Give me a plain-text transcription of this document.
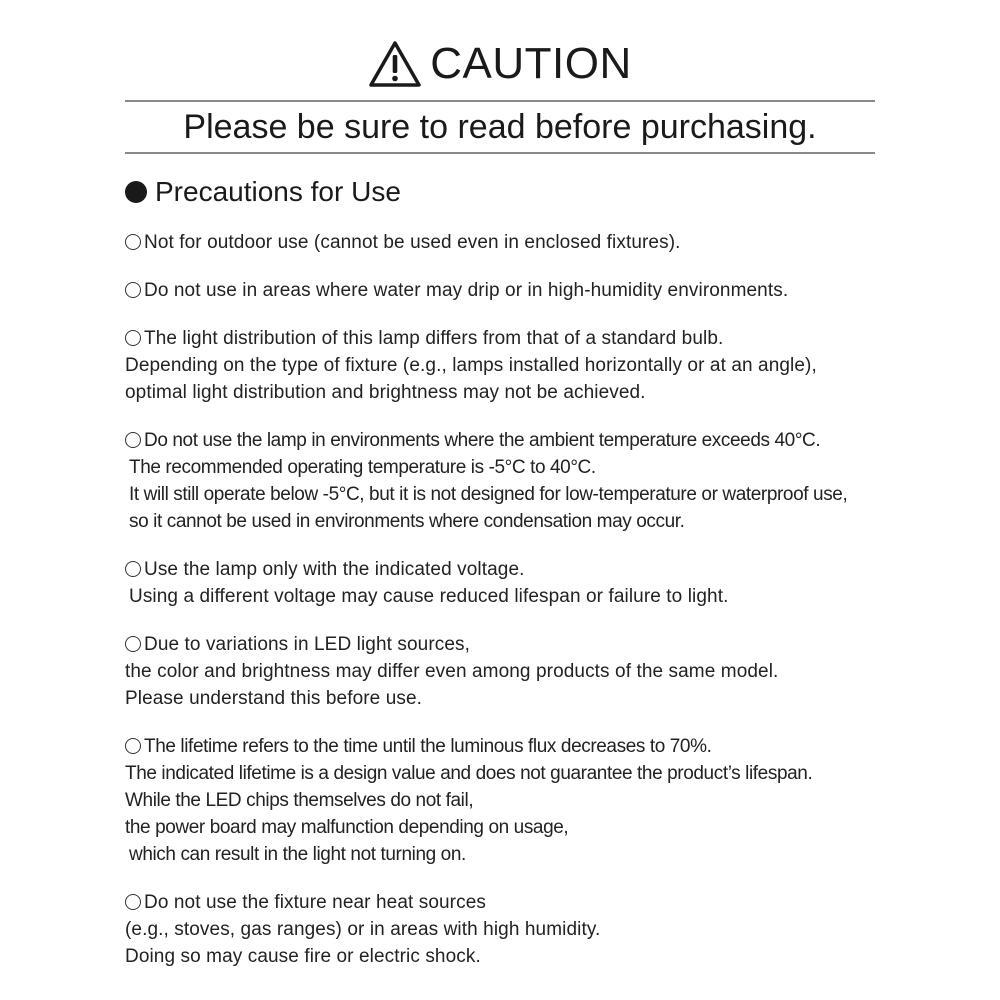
CAUTION
Please be sure to read before purchasing.
Precautions for Use
Not for outdoor use (cannot be used even in enclosed fixtures).
Do not use in areas where water may drip or in high-humidity environments.
The light distribution of this lamp differs from that of a standard bulb.
Depending on the type of fixture (e.g., lamps installed horizontally or at an angle),
optimal light distribution and brightness may not be achieved.
Do not use the lamp in environments where the ambient temperature exceeds 40°C.
The recommended operating temperature is -5°C to 40°C.
It will still operate below -5°C, but it is not designed for low-temperature or waterproof use,
so it cannot be used in environments where condensation may occur.
Use the lamp only with the indicated voltage.
Using a different voltage may cause reduced lifespan or failure to light.
Due to variations in LED light sources,
the color and brightness may differ even among products of the same model.
Please understand this before use.
The lifetime refers to the time until the luminous flux decreases to 70%.
The indicated lifetime is a design value and does not guarantee the product’s lifespan.
While the LED chips themselves do not fail,
the power board may malfunction depending on usage,
which can result in the light not turning on.
Do not use the fixture near heat sources
(e.g., stoves, gas ranges) or in areas with high humidity.
Doing so may cause fire or electric shock.
